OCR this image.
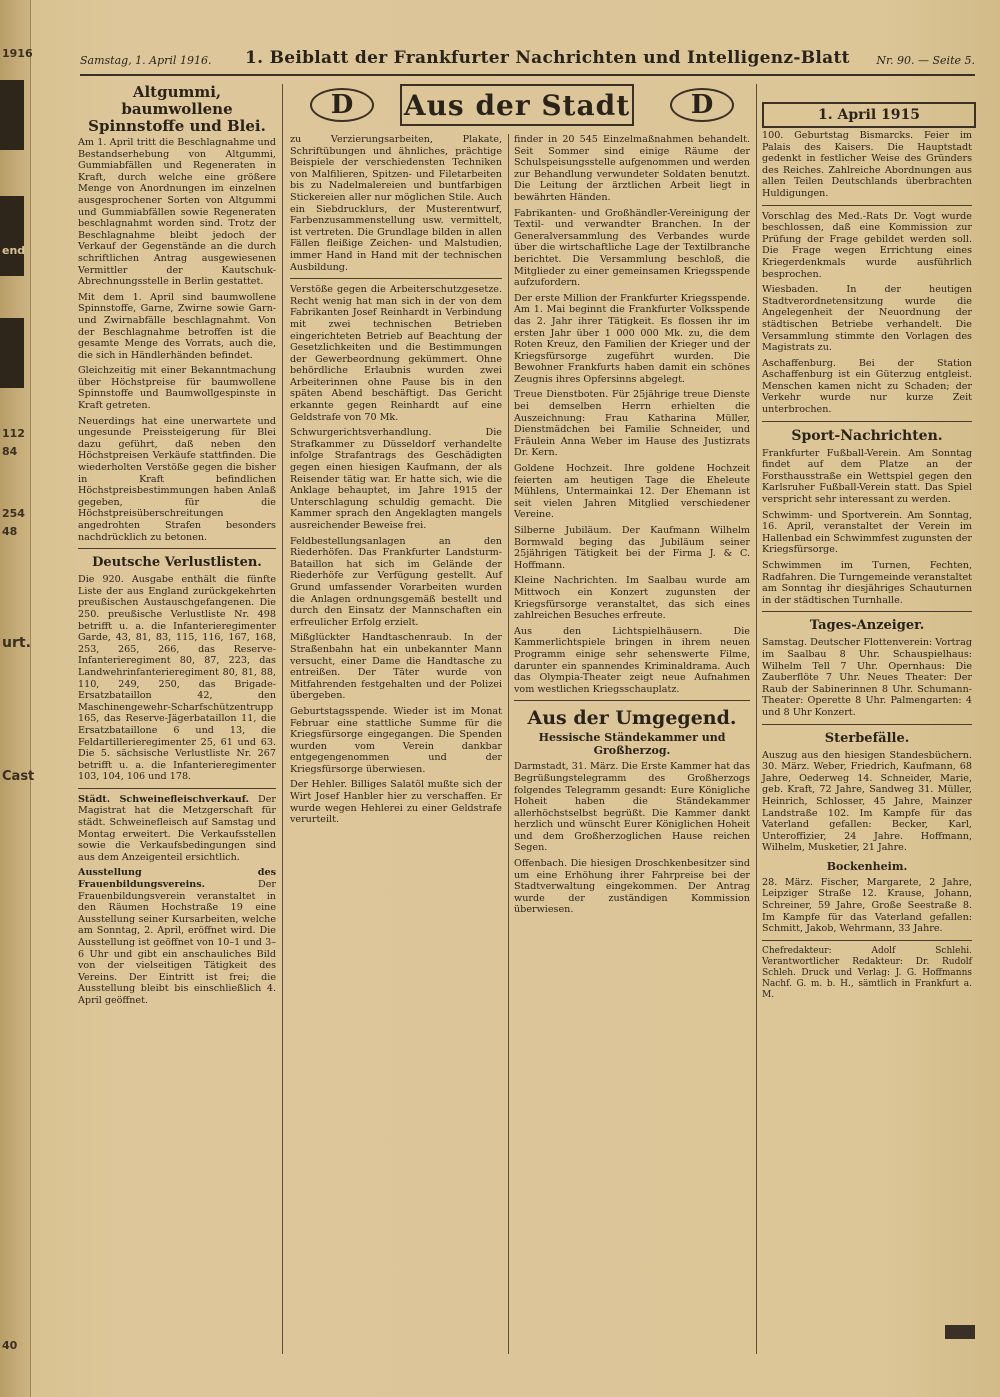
1916
end
112
84
254
48
urt.
Cast
40
Samstag, 1. April 1916. 1. Beiblatt der Frankfurter Nachrichten und Intelligenz-Blatt Nr. 90. — Seite 5.
D	Aus der Stadt	D	1. April 1915
Altgummi, baumwollene Spinnstoffe und Blei.

Am 1. April tritt die Beschlagnahme und Bestandserhebung von Altgummi, Gummiabfällen und Regeneraten in Kraft, durch welche eine größere Menge von Anordnungen im einzelnen ausgesprochener Sorten von Altgummi und Gummiabfällen sowie Regeneraten beschlagnahmt worden sind. Trotz der Beschlagnahme bleibt jedoch der Verkauf der Gegenstände an die durch schriftlichen Antrag ausgewiesenen Vermittler der Kautschuk-Abrechnungsstelle in Berlin gestattet.

Mit dem 1. April sind baumwollene Spinnstoffe, Garne, Zwirne sowie Garn- und Zwirnabfälle beschlagnahmt. Von der Beschlagnahme betroffen ist die gesamte Menge des Vorrats, auch die, die sich in Händlerhänden befindet.

Gleichzeitig mit einer Bekanntmachung über Höchstpreise für baumwollene Spinnstoffe und Baumwollgespinste in Kraft getreten.

Neuerdings hat eine unerwartete und ungesunde Preissteigerung für Blei dazu geführt, daß neben den Höchstpreisen Verkäufe stattfinden. Die wiederholten Verstöße gegen die bisher in Kraft befindlichen Höchstpreisbestimmungen haben Anlaß gegeben, für die Höchstpreisüberschreitungen angedrohten Strafen besonders nachdrücklich zu betonen.

Deutsche Verlustlisten.

Die 920. Ausgabe enthält die fünfte Liste der aus England zurückgekehrten preußischen Austauschgefangenen. Die 250. preußische Verlustliste Nr. 498 betrifft u. a. die Infanterieregimenter Garde, 43, 81, 83, 115, 116, 167, 168, 253, 265, 266, das Reserve-Infanterieregiment 80, 87, 223, das Landwehrinfanterieregiment 80, 81, 88, 110, 249, 250, das Brigade-Ersatzbataillon 42, den Maschinengewehr-Scharfschützentrupp 165, das Reserve-Jägerbataillon 11, die Ersatzbataillone 6 und 13, die Feldartillerieregimenter 25, 61 und 63. Die 5. sächsische Verlustliste Nr. 267 betrifft u. a. die Infanterieregimenter 103, 104, 106 und 178.

Städt. Schweinefleischverkauf. Der Magistrat hat die Metzgerschaft für städt. Schweinefleisch auf Samstag und Montag erweitert. Die Verkaufsstellen sowie die Verkaufsbedingungen sind aus dem Anzeigenteil ersichtlich.

Ausstellung des Frauenbildungsvereins.	Der Frauenbildungsverein veranstaltet in den Räumen Hochstraße 19 eine Ausstellung seiner Kursarbeiten, welche am Sonntag, 2. April, eröffnet wird. Die Ausstellung ist geöffnet von 10–1 und 3–6 Uhr und gibt ein anschauliches Bild von der vielseitigen Tätigkeit des Vereins. Der Eintritt ist frei; die Ausstellung bleibt bis einschließlich 4. April geöffnet.

zu Verzierungsarbeiten, Plakate, Schriftübungen und ähnliches, prächtige Beispiele der verschiedensten Techniken von Malfilieren, Spitzen- und Filetarbeiten bis zu Nadelmalereien und buntfarbigen Stickereien aller nur möglichen Stile. Auch ein Siebdrucklurs, der Musterentwurf, Farbenzusammenstellung usw. vermittelt, ist vertreten. Die Grundlage bilden in allen Fällen fleißige Zeichen- und Malstudien, immer Hand in Hand mit der technischen Ausbildung.

Verstöße gegen die Arbeiterschutzgesetze. Recht wenig hat man sich in der von dem Fabrikanten Josef Reinhardt in Verbindung mit zwei technischen Betrieben eingerichteten Betrieb auf Beachtung der Gesetzlichkeiten und die Bestimmungen der Gewerbeordnung gekümmert. Ohne behördliche Erlaubnis wurden zwei Arbeiterinnen ohne Pause bis in den späten Abend beschäftigt. Das Gericht erkannte gegen Reinhardt auf eine Geldstrafe von 70 Mk.

Schwurgerichtsverhandlung. Die Strafkammer zu Düsseldorf verhandelte infolge Strafantrags des Geschädigten gegen einen hiesigen Kaufmann, der als Reisender tätig war. Er hatte sich, wie die Anklage behauptet, im Jahre 1915 der Unterschlagung schuldig gemacht. Die Kammer sprach den Angeklagten mangels ausreichender Beweise frei.

Feldbestellungsanlagen an den Riederhöfen. Das Frankfurter Landsturm-Bataillon hat sich im Gelände der Riederhöfe zur Verfügung gestellt. Auf Grund umfassender Vorarbeiten wurden die Anlagen ordnungsgemäß bestellt und durch den Einsatz der Mannschaften ein erfreulicher Erfolg erzielt.

Mißglückter Handtaschenraub. In der Straßenbahn hat ein unbekannter Mann versucht, einer Dame die Handtasche zu entreißen. Der Täter wurde von Mitfahrenden festgehalten und der Polizei übergeben.

Geburtstagsspende. Wieder ist im Monat Februar eine stattliche Summe für die Kriegsfürsorge eingegangen. Die Spenden wurden vom Verein dankbar entgegengenommen und der Kriegsfürsorge überwiesen.

Der Hehler. Billiges Salatöl mußte sich der Wirt Josef Hanbler hier zu verschaffen. Er wurde wegen Hehlerei zu einer Geldstrafe verurteilt.

finder in 20 545 Einzelmaßnahmen behandelt. Seit Sommer sind einige Räume der Schulspeisungsstelle aufgenommen und werden zur Behandlung verwundeter Soldaten benutzt. Die Leitung der ärztlichen Arbeit liegt in bewährten Händen.

Fabrikanten- und Großhändler-Vereinigung der Textil- und verwandter Branchen. In der Generalversammlung des Verbandes wurde über die wirtschaftliche Lage der Textilbranche berichtet. Die Versammlung beschloß, die Mitglieder zu einer gemeinsamen Kriegsspende aufzufordern.

Der erste Million der Frankfurter Kriegsspende. Am 1. Mai beginnt die Frankfurter Volksspende das 2. Jahr ihrer Tätigkeit. Es flossen ihr im ersten Jahr über 1 000 000 Mk. zu, die dem Roten Kreuz, den Familien der Krieger und der Kriegsfürsorge zugeführt wurden. Die Bewohner Frankfurts haben damit ein schönes Zeugnis ihres Opfersinns abgelegt.

Treue Dienstboten. Für 25jährige treue Dienste bei demselben Herrn erhielten die Auszeichnung: Frau Katharina Müller, Dienstmädchen bei Familie Schneider, und Fräulein Anna Weber im Hause des Justizrats Dr. Kern.

Goldene Hochzeit. Ihre goldene Hochzeit feierten am heutigen Tage die Eheleute Mühlens, Untermainkai 12. Der Ehemann ist seit vielen Jahren Mitglied verschiedener Vereine.

Silberne Jubiläum. Der Kaufmann Wilhelm Bormwald beging das Jubiläum seiner 25jährigen Tätigkeit bei der Firma J. & C. Hoffmann.

Kleine Nachrichten. Im Saalbau wurde am Mittwoch ein Konzert zugunsten der Kriegsfürsorge veranstaltet, das sich eines zahlreichen Besuches erfreute.

Aus den Lichtspielhäusern. Die Kammerlichtspiele bringen in ihrem neuen Programm einige sehr sehenswerte Filme, darunter ein spannendes Kriminaldrama. Auch das Olympia-Theater zeigt neue Aufnahmen vom westlichen Kriegsschauplatz.

Aus der Umgegend.
Hessische Ständekammer und Großherzog.

Darmstadt, 31. März. Die Erste Kammer hat das Begrüßungstelegramm des Großherzogs folgendes Telegramm gesandt: Eure Königliche Hoheit haben die Ständekammer allerhöchstselbst begrüßt. Die Kammer dankt herzlich und wünscht Eurer Königlichen Hoheit und dem Großherzoglichen Hause reichen Segen.

Offenbach. Die hiesigen Droschkenbesitzer sind um eine Erhöhung ihrer Fahrpreise bei der Stadtverwaltung eingekommen. Der Antrag wurde der zuständigen Kommission überwiesen.

100. Geburtstag Bismarcks. Feier im Palais des Kaisers. Die Hauptstadt gedenkt in festlicher Weise des Gründers des Reiches. Zahlreiche Abordnungen aus allen Teilen Deutschlands überbrachten Huldigungen.

Vorschlag des Med.-Rats Dr. Vogt wurde beschlossen, daß eine Kommission zur Prüfung der Frage gebildet werden soll. Die Frage wegen Errichtung eines Kriegerdenkmals wurde ausführlich besprochen.

Wiesbaden. In der heutigen Stadtverordnetensitzung wurde die Angelegenheit der Neuordnung der städtischen Betriebe verhandelt. Die Versammlung stimmte den Vorlagen des Magistrats zu.

Aschaffenburg. Bei der Station Aschaffenburg ist ein Güterzug entgleist. Menschen kamen nicht zu Schaden; der Verkehr wurde nur kurze Zeit unterbrochen.

Sport-Nachrichten.

Frankfurter Fußball-Verein. Am Sonntag findet auf dem Platze an der Forsthausstraße ein Wettspiel gegen den Karlsruher Fußball-Verein statt. Das Spiel verspricht sehr interessant zu werden.

Schwimm- und Sportverein. Am Sonntag, 16. April, veranstaltet der Verein im Hallenbad ein Schwimmfest zugunsten der Kriegsfürsorge.

Schwimmen im Turnen, Fechten, Radfahren. Die Turngemeinde veranstaltet am Sonntag ihr diesjähriges Schauturnen in der städtischen Turnhalle.

Tages-Anzeiger.

Samstag. Deutscher Flottenverein: Vortrag im Saalbau 8 Uhr. Schauspielhaus: Wilhelm Tell 7 Uhr. Opernhaus: Die Zauberflöte 7 Uhr. Neues Theater: Der Raub der Sabinerinnen 8 Uhr. Schumann-Theater: Operette 8 Uhr. Palmengarten: 4 und 8 Uhr Konzert.

Sterbefälle.

Auszug aus den hiesigen Standesbüchern. 30. März. Weber, Friedrich, Kaufmann, 68 Jahre, Oederweg 14. Schneider, Marie, geb. Kraft, 72 Jahre, Sandweg 31. Müller, Heinrich, Schlosser, 45 Jahre, Mainzer Landstraße 102. Im Kampfe für das Vaterland gefallen: Becker, Karl, Unteroffizier, 24 Jahre. Hoffmann, Wilhelm, Musketier, 21 Jahre.

Bockenheim.

28. März. Fischer, Margarete, 2 Jahre, Leipziger Straße 12. Krause, Johann, Schreiner, 59 Jahre, Große Seestraße 8. Im Kampfe für das Vaterland gefallen: Schmitt, Jakob, Wehrmann, 33 Jahre.

Chefredakteur: Adolf Schlehi. Verantwortlicher Redakteur: Dr. Rudolf Schleh. Druck und Verlag: J. G. Hoffmanns Nachf. G. m. b. H., sämtlich in Frankfurt a. M.
